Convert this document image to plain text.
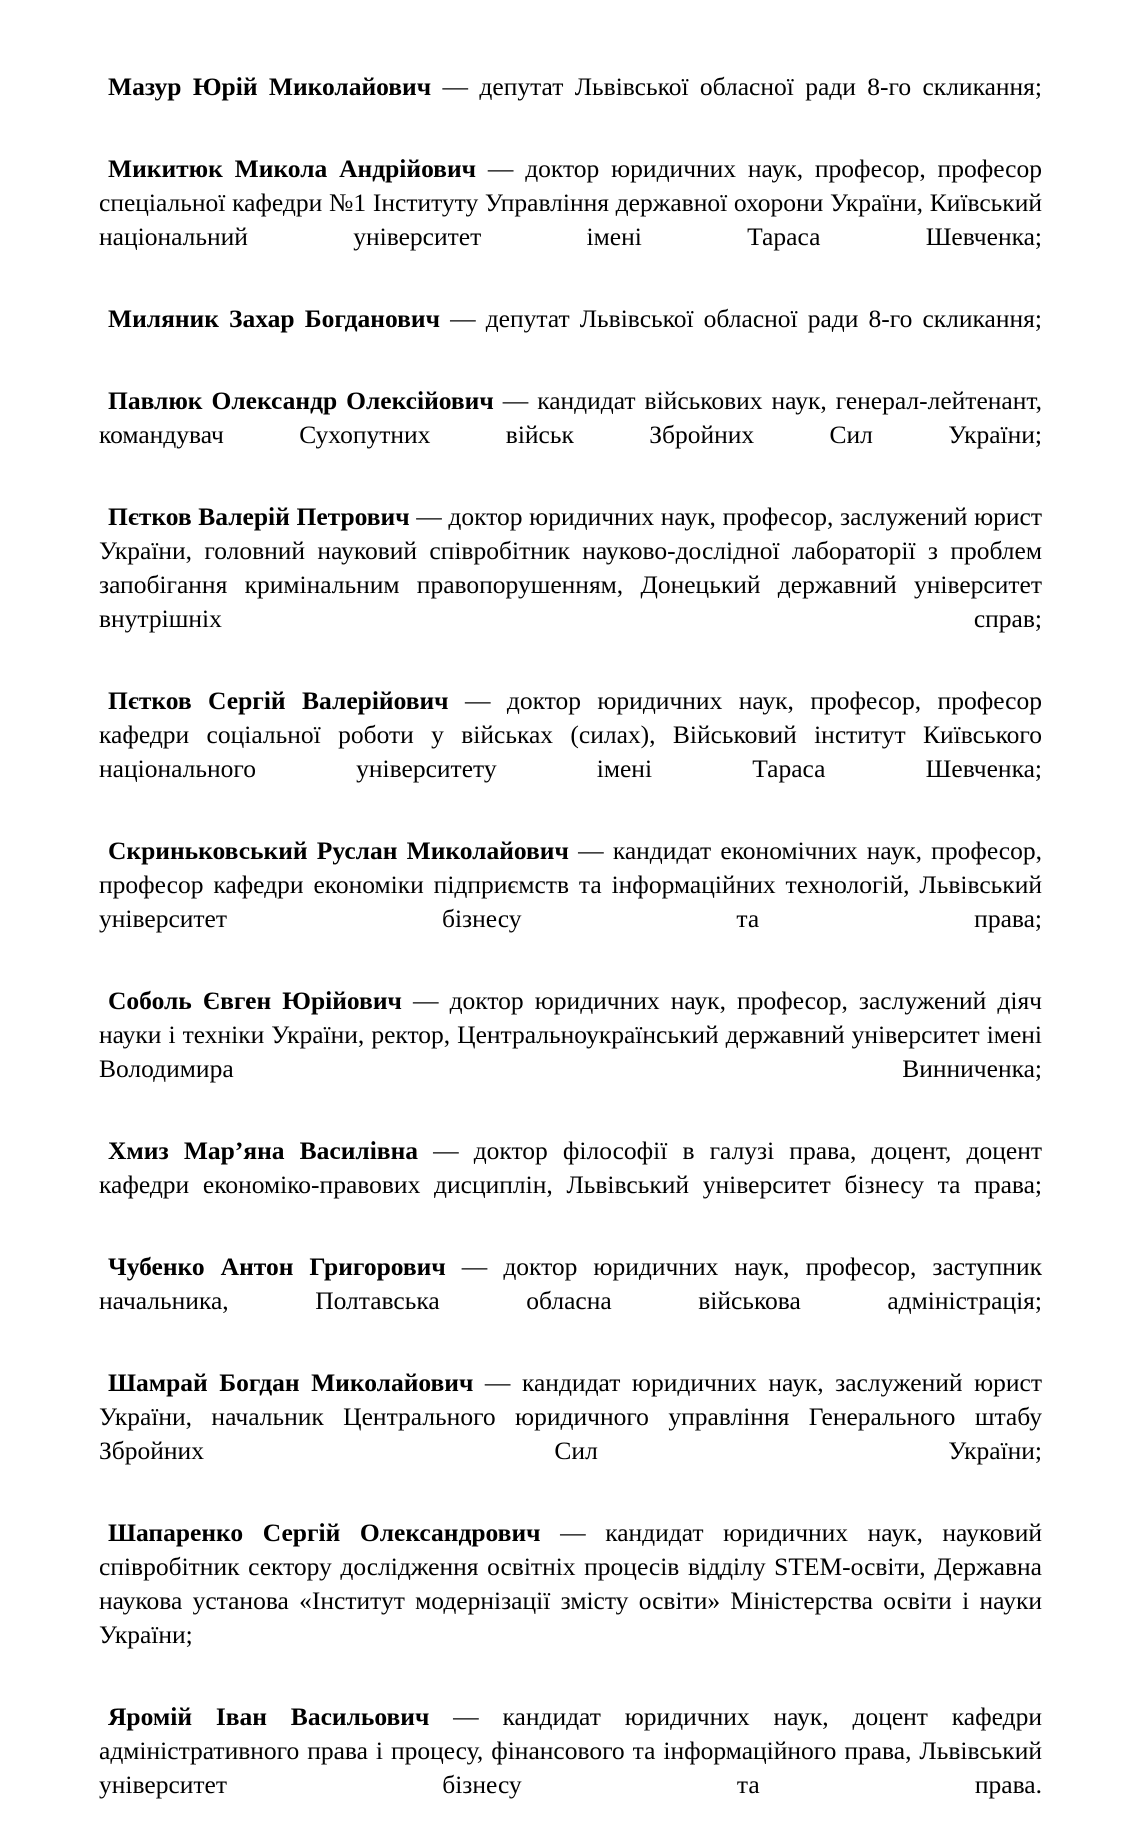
Мазур Юрій Миколайович — депутат Львівської обласної ради 8-го скликання;
Микитюк Микола Андрійович — доктор юридичних наук, професор, професор спеціальної кафедри №1 Інституту Управління державної охорони України, Київський національний університет імені Тараса Шевченка;
Миляник Захар Богданович — депутат Львівської обласної ради 8-го скликання;
Павлюк Олександр Олексійович — кандидат військових наук, генерал-лейтенант, командувач Сухопутних військ Збройних Сил України;
Пєтков Валерій Петрович — доктор юридичних наук, професор, заслужений юрист України, головний науковий співробітник науково-дослідної лабораторії з проблем запобігання кримінальним правопорушенням, Донецький державний університет внутрішніх справ;
Пєтков Сергій Валерійович — доктор юридичних наук, професор, професор кафедри соціальної роботи у військах (силах), Військовий інститут Київського національного університету імені Тараса Шевченка;
Скриньковський Руслан Миколайович — кандидат економічних наук, професор, професор кафедри економіки підприємств та інформаційних технологій, Львівський університет бізнесу та права;
Соболь Євген Юрійович — доктор юридичних наук, професор, заслужений діяч науки і техніки України, ректор, Центральноукраїнський державний університет імені Володимира Винниченка;
Хмиз Мар’яна Василівна — доктор філософії в галузі права, доцент, доцент кафедри економіко-правових дисциплін, Львівський університет бізнесу та права;
Чубенко Антон Григорович — доктор юридичних наук, професор, заступник начальника, Полтавська обласна військова адміністрація;
Шамрай Богдан Миколайович — кандидат юридичних наук, заслужений юрист України, начальник Центрального юридичного управління Генерального штабу Збройних Сил України;
Шапаренко Сергій Олександрович — кандидат юридичних наук, науковий співробітник сектору дослідження освітніх процесів відділу STEM-освіти, Державна наукова установа «Інститут модернізації змісту освіти» Міністерства освіти і науки України;
Яромій Іван Васильович — кандидат юридичних наук, доцент кафедри адміністративного права і процесу, фінансового та інформаційного права, Львівський університет бізнесу та права.
